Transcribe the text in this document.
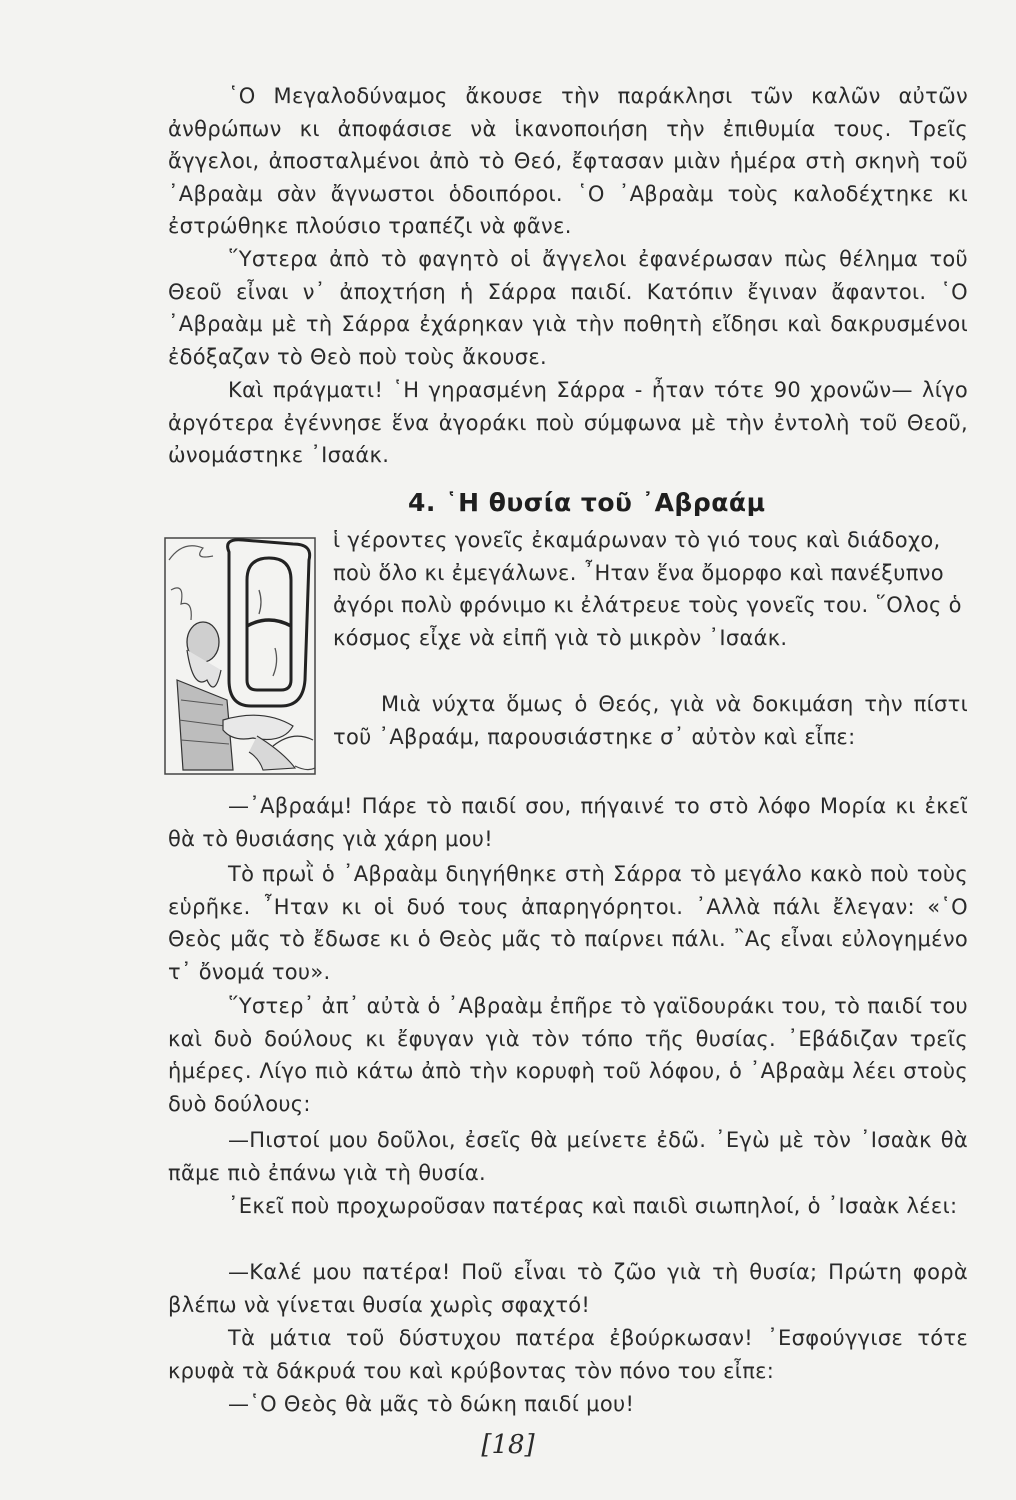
῾Ο Μεγαλοδύναμος ἄκουσε τὴν παράκλησι τῶν καλῶν αὐτῶν ἀνθρώπων κι ἀποφάσισε νὰ ἱκανοποιήση τὴν ἐπιθυμία τους. Τρεῖς ἄγγελοι, ἀποσταλμένοι ἀπὸ τὸ Θεό, ἔφτασαν μιὰν ἡμέρα στὴ σκηνὴ τοῦ ᾿Αβραὰμ σὰν ἄγνωστοι ὁδοιπόροι. ῾Ο ᾿Αβραὰμ τοὺς καλοδέχτηκε κι ἐστρώθηκε πλούσιο τραπέζι νὰ φᾶνε.

῞Υστερα ἀπὸ τὸ φαγητὸ οἱ ἄγγελοι ἐφανέρωσαν πὼς θέλημα τοῦ Θεοῦ εἶναι ν᾿ ἀποχτήση ἡ Σάρρα παιδί. Κατόπιν ἔγιναν ἄφαντοι. ῾Ο ᾿Αβραὰμ μὲ τὴ Σάρρα ἐχάρηκαν γιὰ τὴν ποθητὴ εἴδησι καὶ δακρυσμένοι ἐδόξαζαν τὸ Θεὸ ποὺ τοὺς ἄκουσε.

Καὶ πράγματι! ῾Η γηρασμένη Σάρρα - ἦταν τότε 90 χρονῶν— λίγο ἀργότερα ἐγέννησε ἕνα ἀγοράκι ποὺ σύμφωνα μὲ τὴν ἐντολὴ τοῦ Θεοῦ, ὠνομάστηκε ᾿Ισαάκ.

4. ῾Η θυσία τοῦ ᾿Αβραάμ

ἱ γέροντες γονεῖς ἐκαμάρωναν τὸ γιό τους καὶ διάδοχο, ποὺ ὅλο κι ἐμεγάλωνε. ῏Ηταν ἕνα ὄμορφο καὶ πανέξυπνο ἀγόρι πολὺ φρόνιμο κι ἐλάτρευε τοὺς γονεῖς του. ῞Ολος ὁ κόσμος εἶχε νὰ εἰπῆ γιὰ τὸ μικρὸν ᾿Ισαάκ.

Μιὰ νύχτα ὅμως ὁ Θεός, γιὰ νὰ δοκιμάση τὴν πίστι τοῦ ᾿Αβραάμ, παρουσιάστηκε σ᾿ αὐτὸν καὶ εἶπε:

—᾿Αβραάμ! Πάρε τὸ παιδί σου, πήγαινέ το στὸ λόφο Μορία κι ἐκεῖ θὰ τὸ θυσιάσης γιὰ χάρη μου!

Τὸ πρωῒ ὁ ᾿Αβραὰμ διηγήθηκε στὴ Σάρρα τὸ μεγάλο κακὸ ποὺ τοὺς εὑρῆκε. ῏Ηταν κι οἱ δυό τους ἀπαρηγόρητοι. ᾿Αλλὰ πάλι ἔλεγαν: «῾Ο Θεὸς μᾶς τὸ ἔδωσε κι ὁ Θεὸς μᾶς τὸ παίρνει πάλι. ῍Ας εἶναι εὐλογημένο τ᾿ ὄνομά του».

῞Υστερ᾿ ἀπ᾿ αὐτὰ ὁ ᾿Αβραὰμ ἐπῆρε τὸ γαϊδουράκι του, τὸ παιδί του καὶ δυὸ δούλους κι ἔφυγαν γιὰ τὸν τόπο τῆς θυσίας. ᾿Εβάδιζαν τρεῖς ἡμέρες. Λίγο πιὸ κάτω ἀπὸ τὴν κορυφὴ τοῦ λόφου, ὁ ᾿Αβραὰμ λέει στοὺς δυὸ δούλους:

—Πιστοί μου δοῦλοι, ἐσεῖς θὰ μείνετε ἐδῶ. ᾿Εγὼ μὲ τὸν ᾿Ισαὰκ θὰ πᾶμε πιὸ ἐπάνω γιὰ τὴ θυσία.

᾿Εκεῖ ποὺ προχωροῦσαν πατέρας καὶ παιδὶ σιωπηλοί, ὁ ᾿Ισαὰκ λέει:

—Καλέ μου πατέρα! Ποῦ εἶναι τὸ ζῶο γιὰ τὴ θυσία; Πρώτη φορὰ βλέπω νὰ γίνεται θυσία χωρὶς σφαχτό!

Τὰ μάτια τοῦ δύστυχου πατέρα ἐβούρκωσαν! ᾿Εσφούγγισε τότε κρυφὰ τὰ δάκρυά του καὶ κρύβοντας τὸν πόνο του εἶπε:

—῾Ο Θεὸς θὰ μᾶς τὸ δώκη παιδί μου!

[18]
